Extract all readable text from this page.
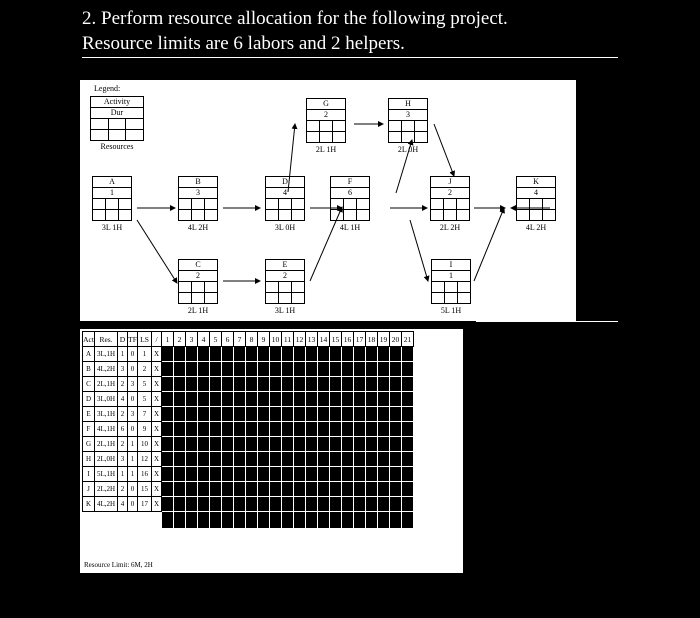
2. Perform resource allocation for the following project.
Resource limits are 6 labors and 2 helpers.
Legend:
Activity
Dur
Resources
A
1
3L 1H
B
3
4L 2H
C
2
2L 1H
D
4
3L 0H
E
2
3L 1H
F
6
4L 1H
G
2
2L 1H
H
3
2L 0H
I
1
5L 1H
J
2
2L 2H
K
4
4L 2H
Act	Res.	D	TF	LS	/	1	2	3	4	5	6	7	8	9	10	11	12	13	14	15	16	17	18	19	20	21
A	3L,1H	1	0	1	X																					
B	4L,2H	3	0	2	X																					
C	2L,1H	2	3	5	X																					
D	3L,0H	4	0	5	X																					
E	3L,1H	2	3	7	X																					
F	4L,1H	6	0	9	X																					
G	2L,1H	2	1	10	X																					
H	2L,0H	3	1	12	X																					
I	5L,1H	1	1	16	X																					
J	2L,2H	2	0	15	X																					
K	4L,2H	4	0	17	X																					

Resource Limit: 6M, 2H
